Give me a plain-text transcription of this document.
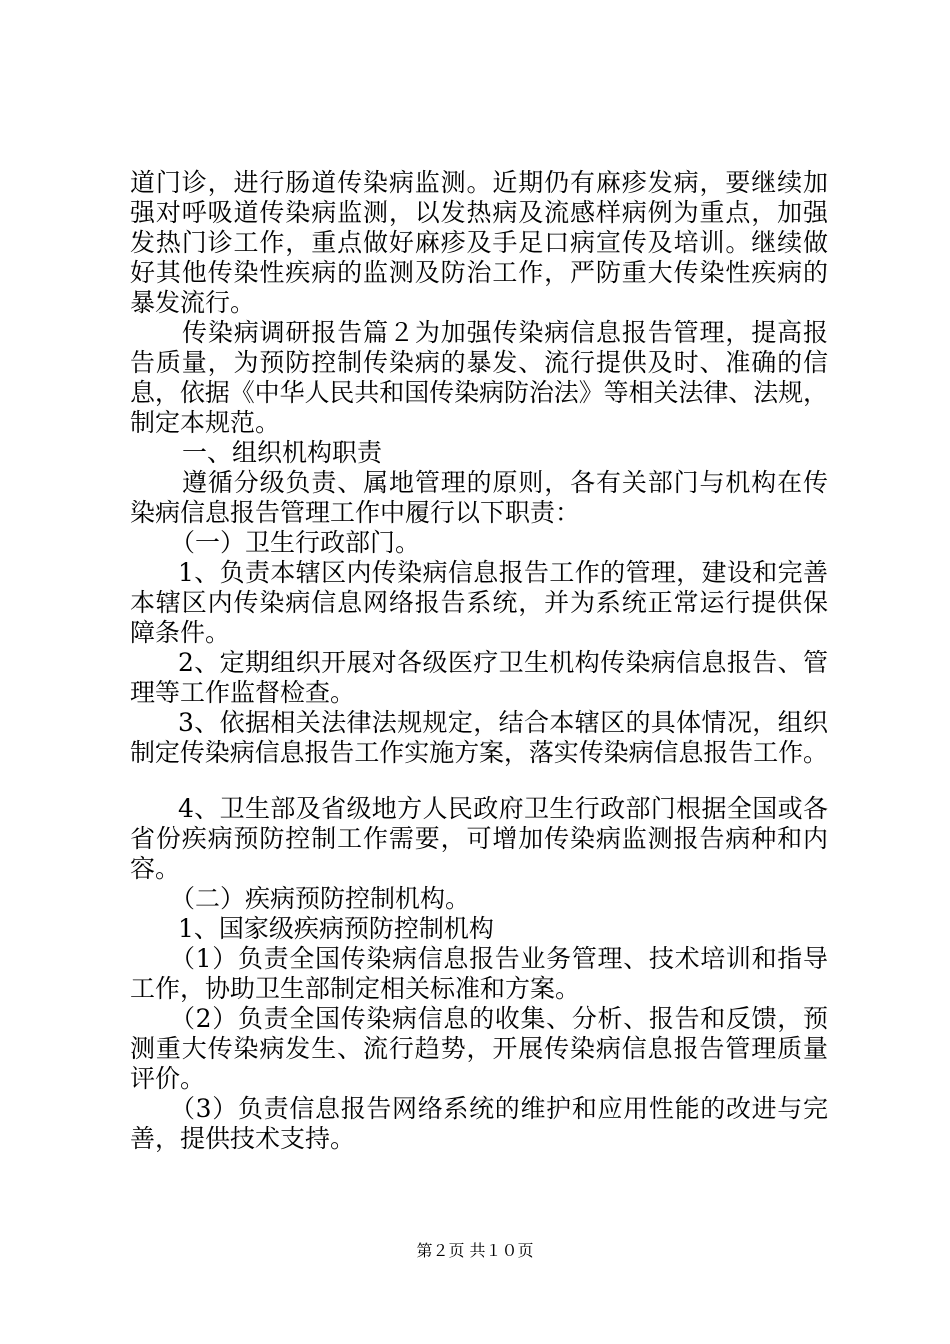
道门诊，进行肠道传染病监测。近期仍有麻疹发病，要继续加
强对呼吸道传染病监测，以发热病及流感样病例为重点，加强
发热门诊工作，重点做好麻疹及手足口病宣传及培训。继续做
好其他传染性疾病的监测及防治工作，严防重大传染性疾病的
暴发流行。
传染病调研报告篇２为加强传染病信息报告管理，提高报
告质量，为预防控制传染病的暴发、流行提供及时、准确的信
息，依据《中华人民共和国传染病防治法》等相关法律、法规，
制定本规范。
一、组织机构职责
遵循分级负责、属地管理的原则，各有关部门与机构在传
染病信息报告管理工作中履行以下职责：
（一）卫生行政部门。
1、负责本辖区内传染病信息报告工作的管理，建设和完善
本辖区内传染病信息网络报告系统，并为系统正常运行提供保
障条件。
2、定期组织开展对各级医疗卫生机构传染病信息报告、管
理等工作监督检查。
3、依据相关法律法规规定，结合本辖区的具体情况，组织
制定传染病信息报告工作实施方案，落实传染病信息报告工作。
4、卫生部及省级地方人民政府卫生行政部门根据全国或各
省份疾病预防控制工作需要，可增加传染病监测报告病种和内
容。
（二）疾病预防控制机构。
1、国家级疾病预防控制机构
（1）负责全国传染病信息报告业务管理、技术培训和指导
工作，协助卫生部制定相关标准和方案。
（2）负责全国传染病信息的收集、分析、报告和反馈，预
测重大传染病发生、流行趋势，开展传染病信息报告管理质量
评价。
（3）负责信息报告网络系统的维护和应用性能的改进与完
善，提供技术支持。
第２页 共１０页
